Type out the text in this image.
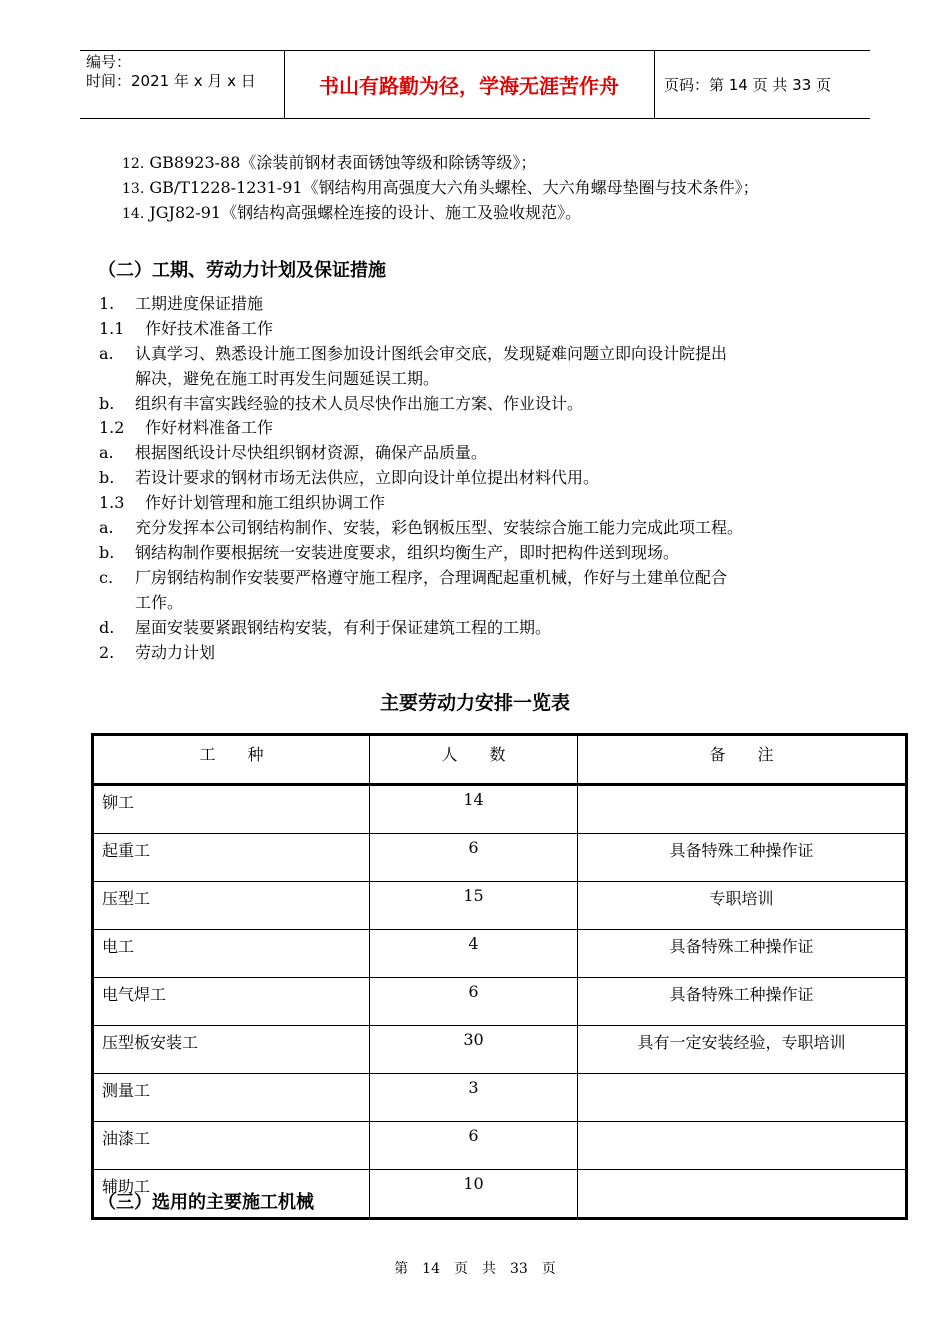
编号：
时间：2021 年 x 月 x 日	书山有路勤为径，学海无涯苦作舟	页码：第 14 页 共 33 页
12. GB8923-88《涂装前钢材表面锈蚀等级和除锈等级》；
13. GB/T1228-1231-91《钢结构用高强度大六角头螺栓、大六角螺母垫圈与技术条件》；
14. JGJ82-91《钢结构高强螺栓连接的设计、施工及验收规范》。
（二）工期、劳动力计划及保证措施
1. 工期进度保证措施
1.1 作好技术准备工作
a. 认真学习、熟悉设计施工图参加设计图纸会审交底，发现疑难问题立即向设计院提出
解决，避免在施工时再发生问题延误工期。
b. 组织有丰富实践经验的技术人员尽快作出施工方案、作业设计。
1.2 作好材料准备工作
a. 根据图纸设计尽快组织钢材资源，确保产品质量。
b. 若设计要求的钢材市场无法供应，立即向设计单位提出材料代用。
1.3 作好计划管理和施工组织协调工作
a. 充分发挥本公司钢结构制作、安装，彩色钢板压型、安装综合施工能力完成此项工程。
b. 钢结构制作要根据统一安装进度要求，组织均衡生产，即时把构件送到现场。
c. 厂房钢结构制作安装要严格遵守施工程序，合理调配起重机械，作好与土建单位配合
工作。
d. 屋面安装要紧跟钢结构安装，有利于保证建筑工程的工期。
2. 劳动力计划
主要劳动力安排一览表
工　　种	人　　数	备　　注
铆工	14	
起重工	6	具备特殊工种操作证
压型工	15	专职培训
电工	4	具备特殊工种操作证
电气焊工	6	具备特殊工种操作证
压型板安装工	30	具有一定安装经验，专职培训
测量工	3	
油漆工	6	
辅助工	10	
（三）选用的主要施工机械
第　14　页　共　33　页
